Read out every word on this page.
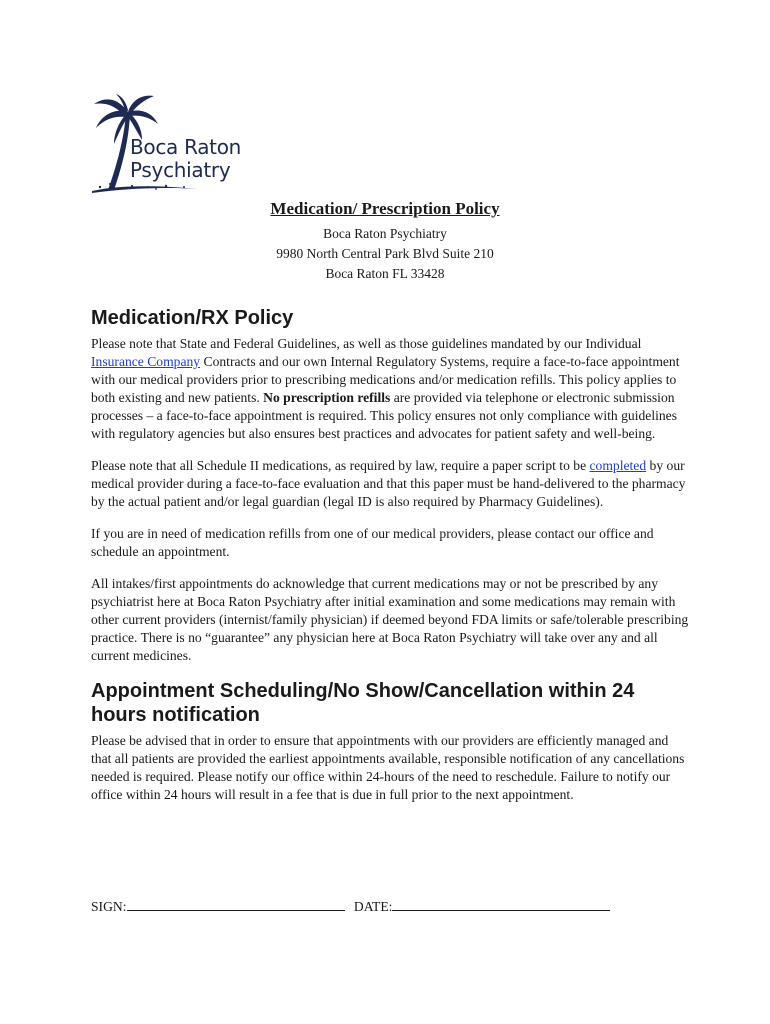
Boca Raton
Psychiatry
Medication/ Prescription Policy
Boca Raton Psychiatry
9980 North Central Park Blvd Suite 210
Boca Raton FL 33428
Medication/RX Policy

Please note that State and Federal Guidelines, as well as those guidelines mandated by our Individual Insurance Company Contracts and our own Internal Regulatory Systems, require a face-to-face appointment with our medical providers prior to prescribing medications and/or medication refills. This policy applies to both existing and new patients. No prescription refills are provided via telephone or electronic submission processes – a face-to-face appointment is required. This policy ensures not only compliance with guidelines with regulatory agencies but also ensures best practices and advocates for patient safety and well-being.

Please note that all Schedule II medications, as required by law, require a paper script to be completed by our medical provider during a face-to-face evaluation and that this paper must be hand-delivered to the pharmacy by the actual patient and/or legal guardian (legal ID is also required by Pharmacy Guidelines).

If you are in need of medication refills from one of our medical providers, please contact our office and schedule an appointment.

All intakes/first appointments do acknowledge that current medications may or not be prescribed by any psychiatrist here at Boca Raton Psychiatry after initial examination and some medications may remain with other current providers (internist/family physician) if deemed beyond FDA limits or safe/tolerable prescribing practice. There is no “guarantee” any physician here at Boca Raton Psychiatry will take over any and all current medicines.

Appointment Scheduling/No Show/Cancellation within 24 hours notification

Please be advised that in order to ensure that appointments with our providers are efficiently managed and that all patients are provided the earliest appointments available, responsible notification of any cancellations needed is required. Please notify our office within 24-hours of the need to reschedule. Failure to notify our office within 24 hours will result in a fee that is due in full prior to the next appointment.

SIGN:	DATE:
